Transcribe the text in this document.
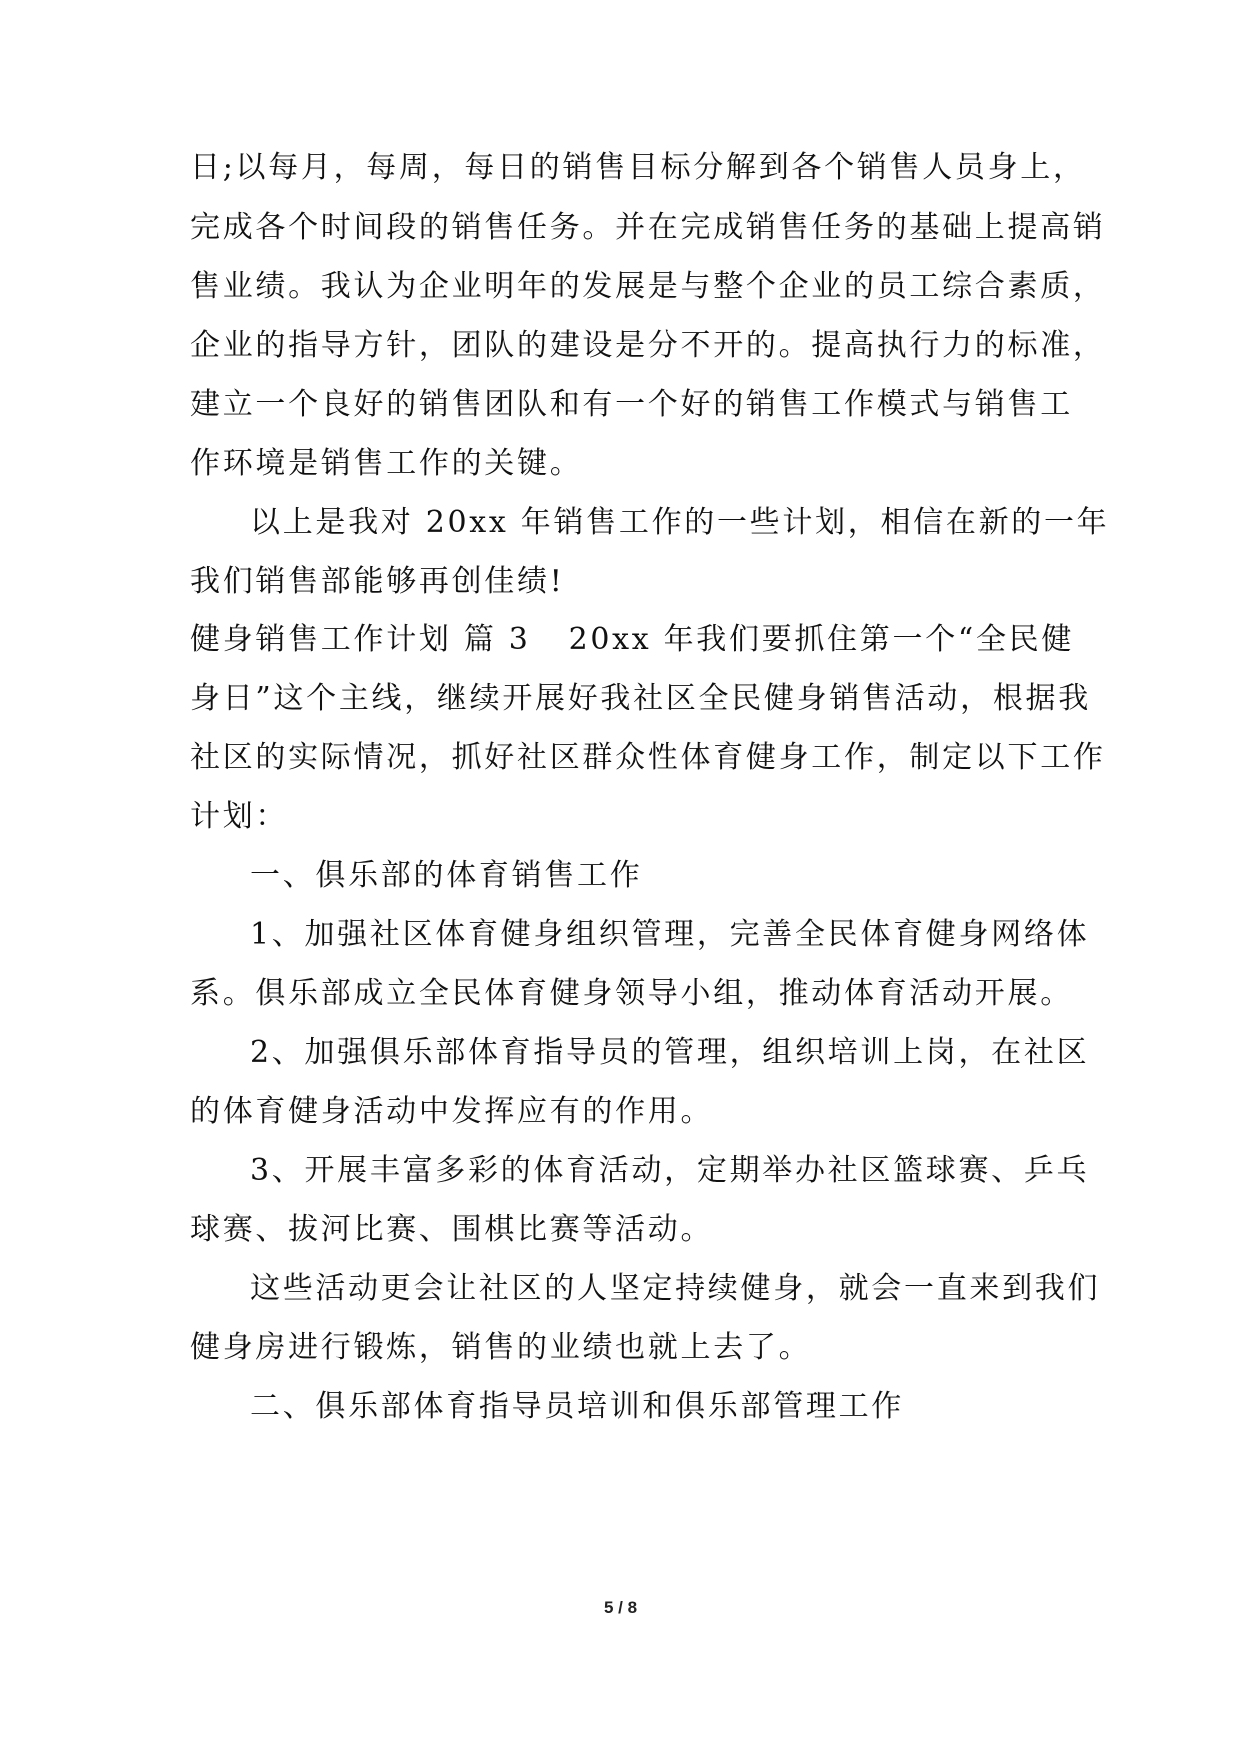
日;以每月，每周，每日的销售目标分解到各个销售人员身上，
完成各个时间段的销售任务。并在完成销售任务的基础上提高销
售业绩。我认为企业明年的发展是与整个企业的员工综合素质，
企业的指导方针，团队的建设是分不开的。提高执行力的标准，
建立一个良好的销售团队和有一个好的销售工作模式与销售工
作环境是销售工作的关键。
以上是我对 20xx 年销售工作的一些计划，相信在新的一年
我们销售部能够再创佳绩!
健身销售工作计划 篇 3 20xx 年我们要抓住第一个“全民健
身日”这个主线，继续开展好我社区全民健身销售活动，根据我
社区的实际情况，抓好社区群众性体育健身工作，制定以下工作
计划：
一、俱乐部的体育销售工作
1、加强社区体育健身组织管理，完善全民体育健身网络体
系。俱乐部成立全民体育健身领导小组，推动体育活动开展。
2、加强俱乐部体育指导员的管理，组织培训上岗，在社区
的体育健身活动中发挥应有的作用。
3、开展丰富多彩的体育活动，定期举办社区篮球赛、乒乓
球赛、拔河比赛、围棋比赛等活动。
这些活动更会让社区的人坚定持续健身，就会一直来到我们
健身房进行锻炼，销售的业绩也就上去了。
二、俱乐部体育指导员培训和俱乐部管理工作
5 / 8
